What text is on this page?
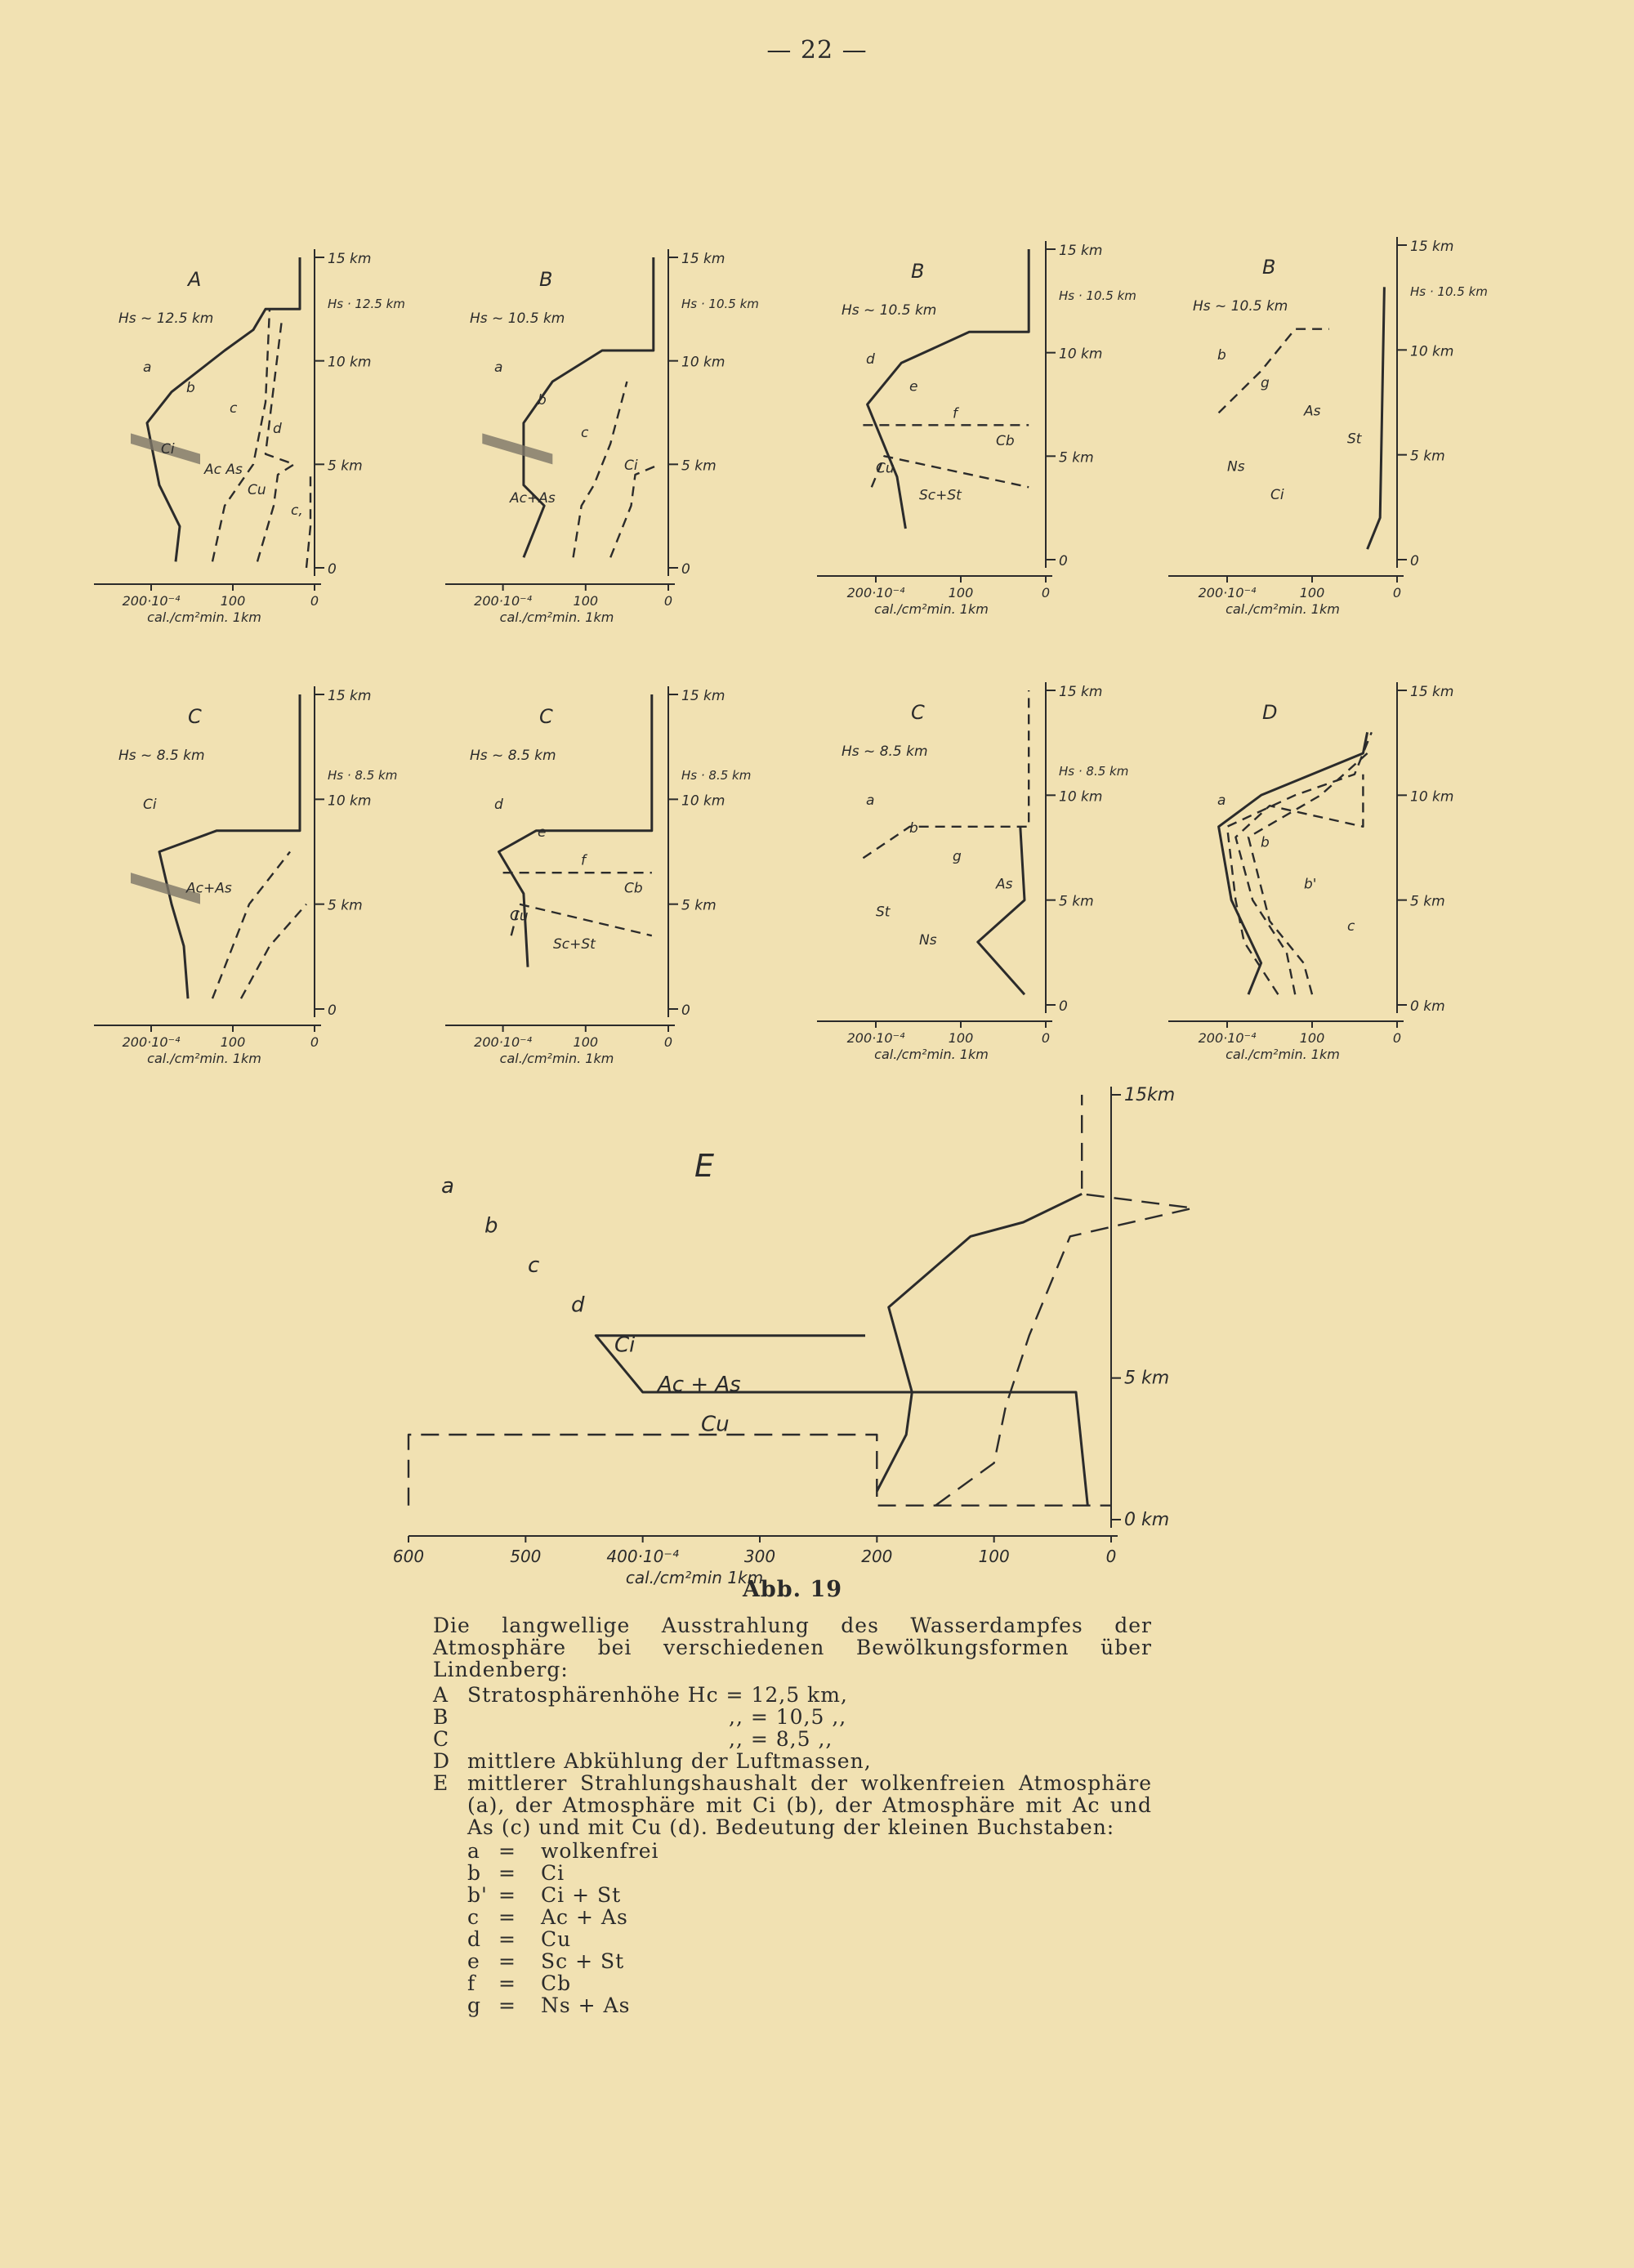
— 22 —
15 km
10 km
5 km
0
200·10⁻⁴	100	0
cal./cm²min. 1km
A
Hs ~ 12.5 km
Hs · 12.5 km
a
b
c
d
Ci
Ac As
Cu
c,
15 km
10 km
5 km
0
200·10⁻⁴	100	0
cal./cm²min. 1km
B
Hs ~ 10.5 km
Hs · 10.5 km
a
b
c
Ci
Ac+As
15 km
10 km
5 km
0
200·10⁻⁴	100	0
cal./cm²min. 1km
B
Hs ~ 10.5 km
Hs · 10.5 km
d
e
f
Cb
Cu
Sc+St
15 km
10 km
5 km
0
200·10⁻⁴	100	0
cal./cm²min. 1km
B
Hs ~ 10.5 km
Hs · 10.5 km
b
g
As
St
Ns
Ci
15 km
10 km
5 km
0
200·10⁻⁴	100	0
cal./cm²min. 1km
C
Hs ~ 8.5 km
Hs · 8.5 km
Ci
Ac+As
15 km
10 km
5 km
0
200·10⁻⁴	100	0
cal./cm²min. 1km
C
Hs ~ 8.5 km
Hs · 8.5 km
d
e
f
Cb
Cu
Sc+St
15 km
10 km
5 km
0
200·10⁻⁴	100	0
cal./cm²min. 1km
C
Hs ~ 8.5 km
Hs · 8.5 km
a
b
g
As
St
Ns
15 km
10 km
5 km
0 km
200·10⁻⁴	100	0
cal./cm²min. 1km
D
a
b
b'
c
15km
5 km
0 km
600	500	400·10⁻⁴	300	200	100	0
cal./cm²min 1km
E
a
b
c
d
Ci
Ac + As
Cu
Abb. 19
Die langwellige Ausstrahlung des Wasserdampfes der Atmosphäre bei verschiedenen Bewölkungsformen über Lindenberg:
A Stratosphärenhöhe Hc = 12,5 km,
B	,, = 10,5 ,,
C	,, = 8,5 ,,
D mittlere Abkühlung der Luftmassen,
E mittlerer Strahlungshaushalt der wolkenfreien Atmosphäre (a), der Atmosphäre mit Ci (b), der Atmosphäre mit Ac und As (c) und mit Cu (d). Bedeutung der kleinen Buchstaben:
a =	wolkenfrei
b =	Ci
b' =	Ci + St
c =	Ac + As
d =	Cu
e =	Sc + St
f	=	Cb
g =	Ns + As
